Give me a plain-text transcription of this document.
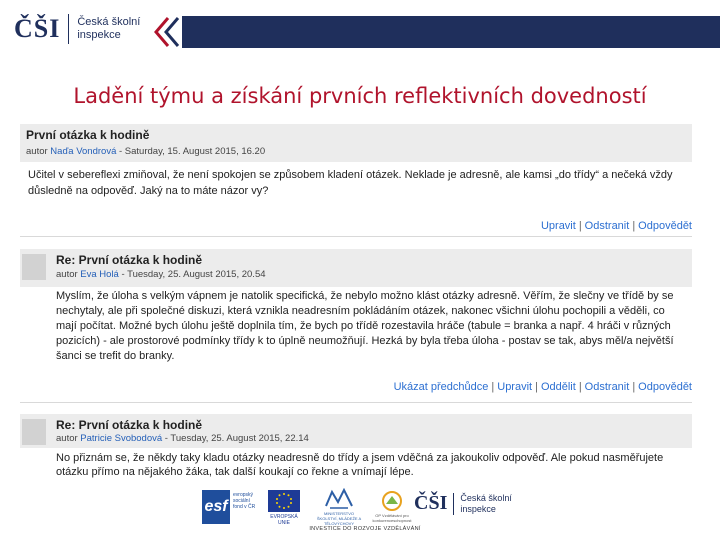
ČŠI Česká školní
inspekce
Ladění týmu a získání prvních reflektivních dovedností
První otázka k hodině
autor Naďa Vondrová - Saturday, 15. August 2015, 16.20
Učitel v sebereflexi zmiňoval, že není spokojen se způsobem kladení otázek. Neklade je adresně, ale kamsi „do třídy“ a nečeká vždy důsledně na odpověď. Jaký na to máte názor vy?
Upravit | Odstranit | Odpovědět
Re: První otázka k hodině
autor Eva Holá - Tuesday, 25. August 2015, 20.54
Myslím, že úloha s velkým vápnem je natolik specifická, že nebylo možno klást otázky adresně. Věřím, že slečny ve třídě by se nechytaly, ale při společné diskuzi, která vznikla neadresním pokládáním otázek, nakonec všichni úlohu pochopili a věděli, co mají počítat. Možné bych úlohu ještě doplnila tím, že bych po třídě rozestavila hráče (tabule = branka a např. 4 hráči v různých pozicích) - ale prostorové podmínky třídy k to úplně neumožňují. Hezká by byla třeba úloha - postav se tak, abys měl/a největší šanci se trefit do branky.
Ukázat předchůdce | Upravit | Oddělit | Odstranit | Odpovědět
Re: První otázka k hodině
autor Patricie Svobodová - Tuesday, 25. August 2015, 22.14
No přiznám se, že někdy taky kladu otázky neadresně do třídy a jsem vděčná za jakoukoliv odpověď. Ale pokud nasměřujete otázku přímo na nějakého žáka, tak další koukají co řekne a vnímají lépe.
esf
evropský sociální fond v ČR
EVROPSKÁ UNIE
MINISTERSTVO ŠKOLSTVÍ, MLÁDEŽE A TĚLOVÝCHOVY
OP Vzdělávání pro konkurenceschopnost
ČŠI Česká školní
inspekce
INVESTICE DO ROZVOJE VZDĚLÁVÁNÍ
